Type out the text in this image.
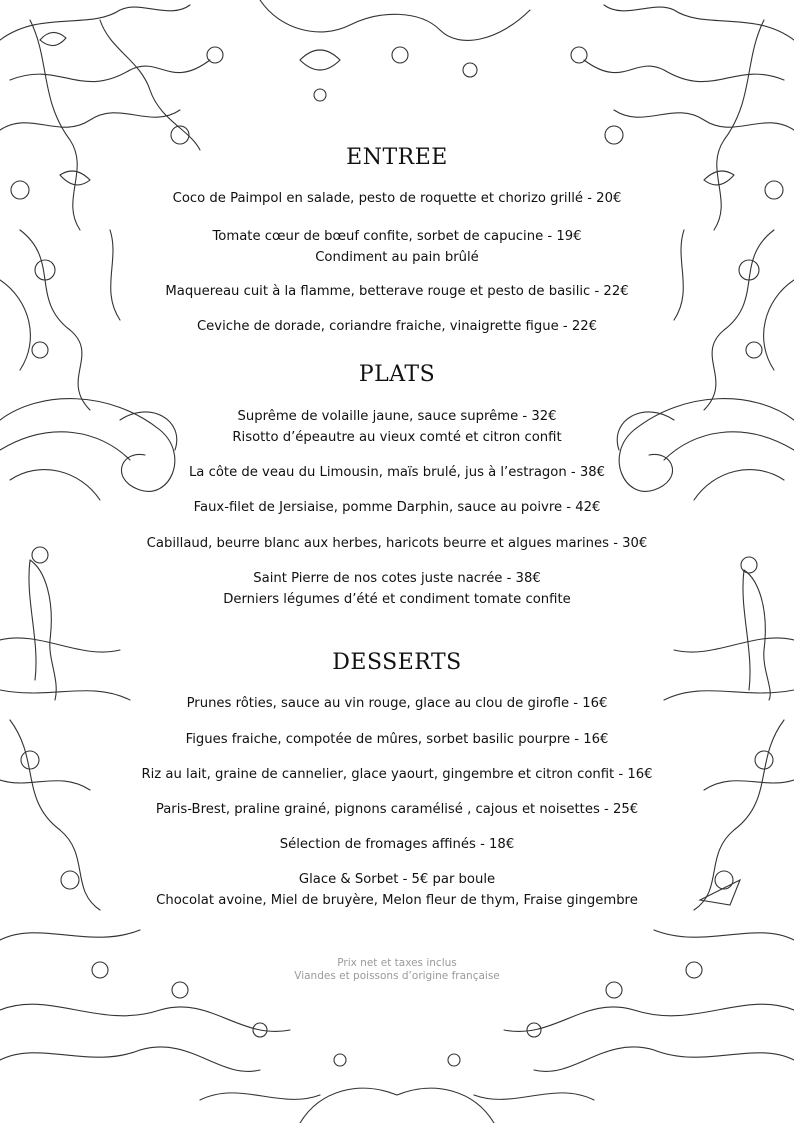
ENTREE
Coco de Paimpol en salade, pesto de roquette et chorizo grillé - 20€
Tomate cœur de bœuf confite, sorbet de capucine - 19€
Condiment au pain brûlé
Maquereau cuit à la flamme, betterave rouge et pesto de basilic - 22€
Ceviche de dorade, coriandre fraiche, vinaigrette figue - 22€
PLATS
Suprême de volaille jaune, sauce suprême - 32€
Risotto d’épeautre au vieux comté et citron confit
La côte de veau du Limousin, maïs brulé, jus à l’estragon - 38€
Faux-filet de Jersiaise, pomme Darphin, sauce au poivre - 42€
Cabillaud, beurre blanc aux herbes, haricots beurre et algues marines - 30€
Saint Pierre de nos cotes juste nacrée - 38€
Derniers légumes d’été et condiment tomate confite
DESSERTS
Prunes rôties, sauce au vin rouge, glace au clou de girofle - 16€
Figues fraiche, compotée de mûres, sorbet basilic pourpre - 16€
Riz au lait, graine de cannelier, glace yaourt, gingembre et citron confit - 16€
Paris-Brest, praline grainé, pignons caramélisé , cajous et noisettes - 25€
Sélection de fromages affinés - 18€
Glace & Sorbet - 5€ par boule
Chocolat avoine, Miel de bruyère, Melon fleur de thym, Fraise gingembre
Prix net et taxes inclus
Viandes et poissons d’origine française
